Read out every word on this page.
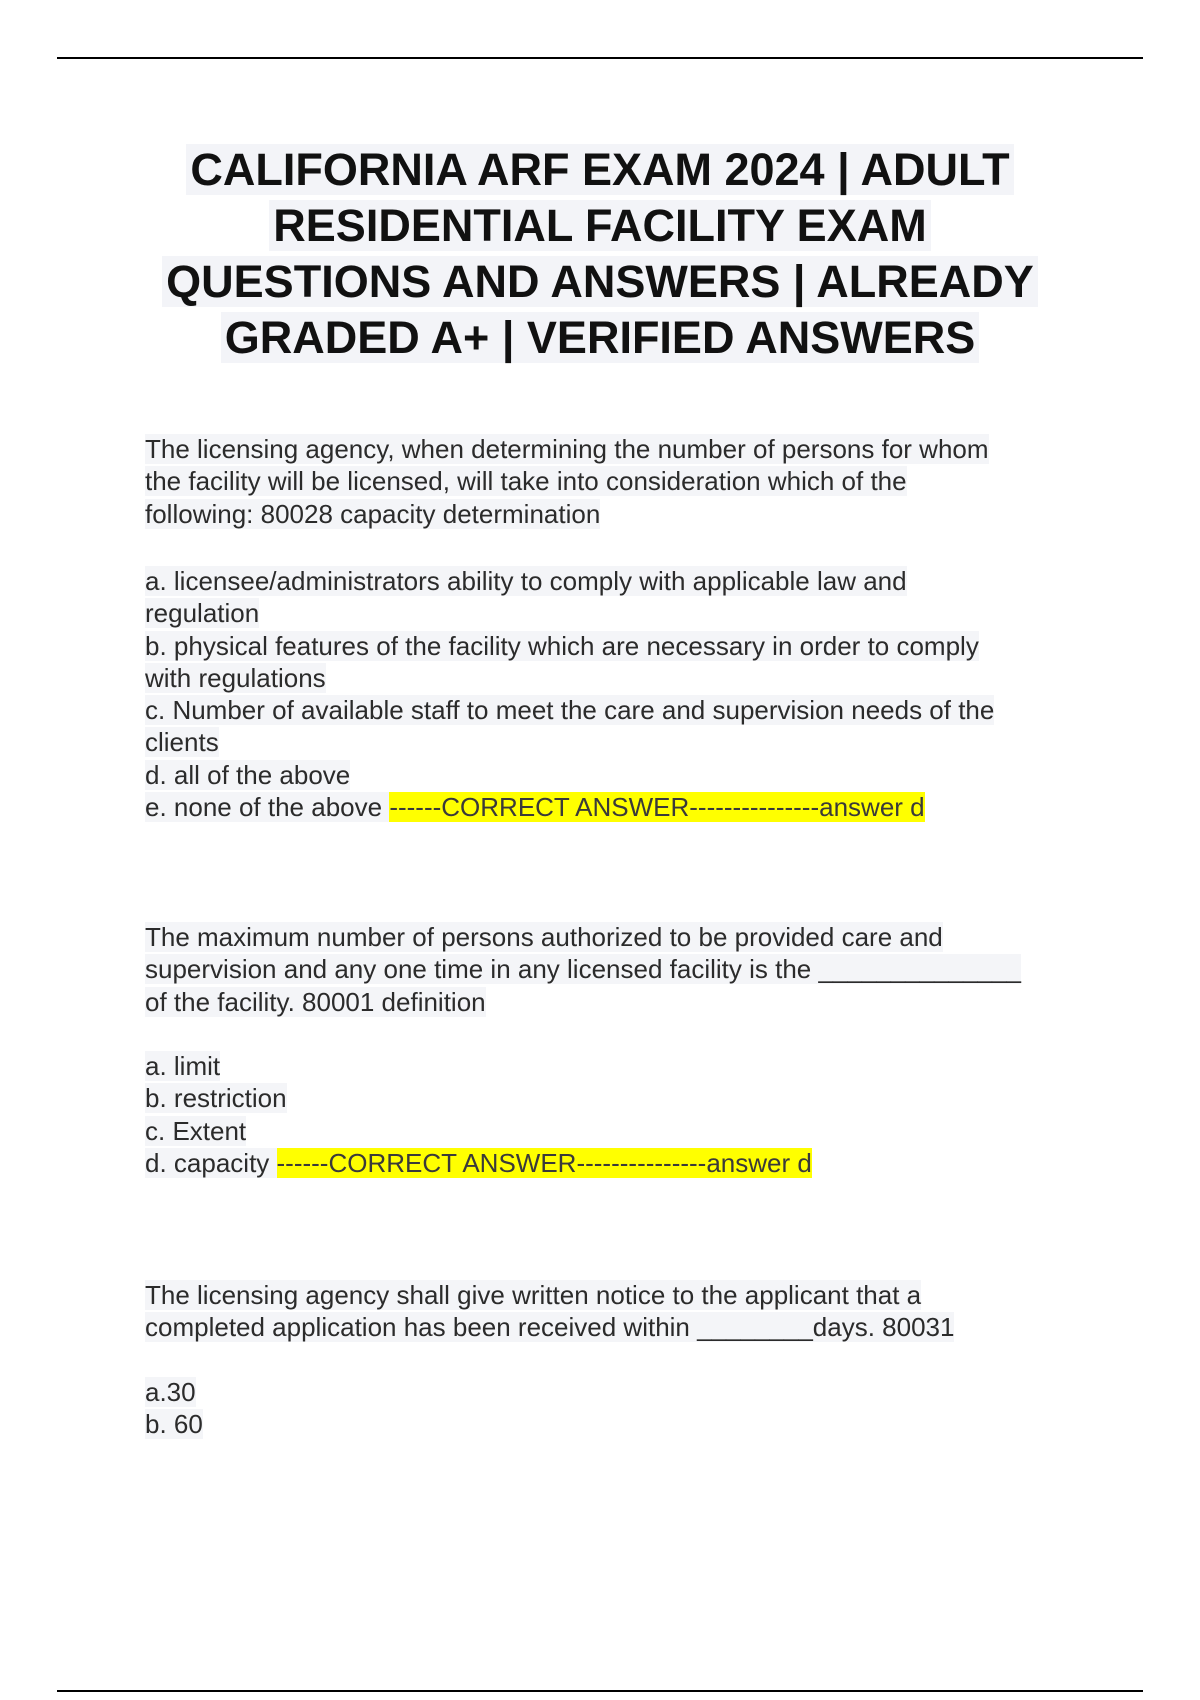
CALIFORNIA ARF EXAM 2024 | ADULT
RESIDENTIAL FACILITY EXAM
QUESTIONS AND ANSWERS | ALREADY
GRADED A+ | VERIFIED ANSWERS
The licensing agency, when determining the number of persons for whom
the facility will be licensed, will take into consideration which of the
following: 80028 capacity determination
a. licensee/administrators ability to comply with applicable law and
regulation
b. physical features of the facility which are necessary in order to comply
with regulations
c. Number of available staff to meet the care and supervision needs of the
clients
d. all of the above
e. none of the above ------CORRECT ANSWER---------------answer d
The maximum number of persons authorized to be provided care and
supervision and any one time in any licensed facility is the ______________
of the facility. 80001 definition
a. limit
b. restriction
c. Extent
d. capacity ------CORRECT ANSWER---------------answer d
The licensing agency shall give written notice to the applicant that a
completed application has been received within ________days. 80031
a.30
b. 60
